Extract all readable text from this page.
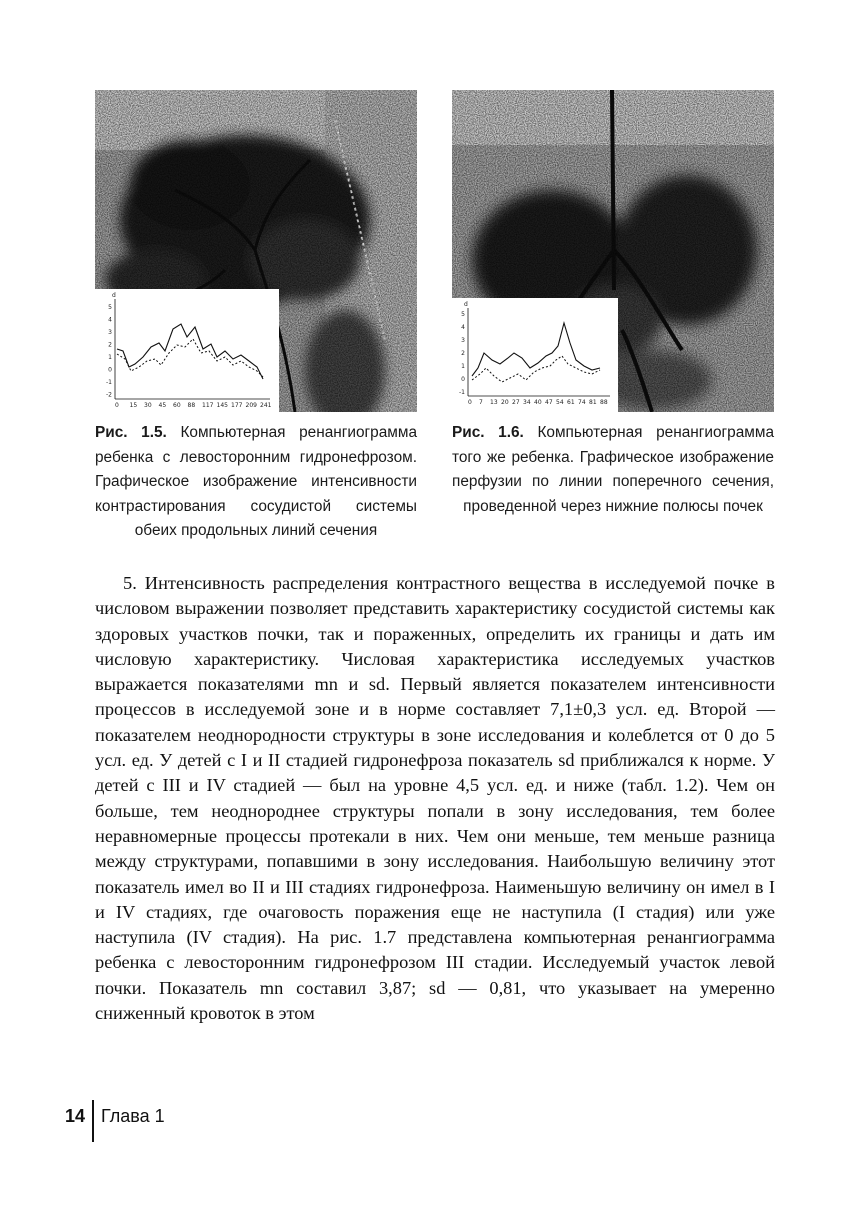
d
5
4
3
2
1
0
-1
-2
0 15 30 45 60 88 117 145 177 209 241
d
5
4
3
2
1
0
-1
0 7 13 20 27 34 40 47 54 61 74 81 88
Рис. 1.5. Компьютерная ренангиограмма ребенка с левосторонним гидронефрозом. Графическое изображение интенсивности контрастирования сосудистой системы обеих продольных линий сечения
Рис. 1.6. Компьютерная ренангиограмма того же ребенка. Графическое изображение перфузии по линии поперечного сечения, проведенной через нижние полюсы почек

5. Интенсивность распределения контрастного вещества в исследуемой почке в числовом выражении позволяет представить характеристику сосудистой системы как здоровых участков почки, так и пораженных, определить их границы и дать им числовую характеристику. Числовая характеристика исследуемых участков выражается показателями mn и sd. Первый является показателем интенсивности процессов в исследуемой зоне и в норме составляет 7,1±0,3 усл. ед. Второй — показателем неоднородности структуры в зоне исследования и колеблется от 0 до 5 усл. ед. У детей с I и II стадией гидронефроза показатель sd приближался к норме. У детей с III и IV стадией — был на уровне 4,5 усл. ед. и ниже (табл. 1.2). Чем он больше, тем неоднороднее структуры попали в зону исследования, тем более неравномерные процессы протекали в них. Чем они меньше, тем меньше разница между структурами, попавшими в зону исследования. Наибольшую величину этот показатель имел во II и III стадиях гидронефроза. Наименьшую величину он имел в I и IV стадиях, где очаговость поражения еще не наступила (I стадия) или уже наступила (IV стадия). На рис. 1.7 представлена компьютерная ренангиограмма ребенка с левосторонним гидронефрозом III стадии. Исследуемый участок левой почки. Показатель mn составил 3,87; sd — 0,81, что указывает на умеренно сниженный кровоток в этом

14 Глава 1
